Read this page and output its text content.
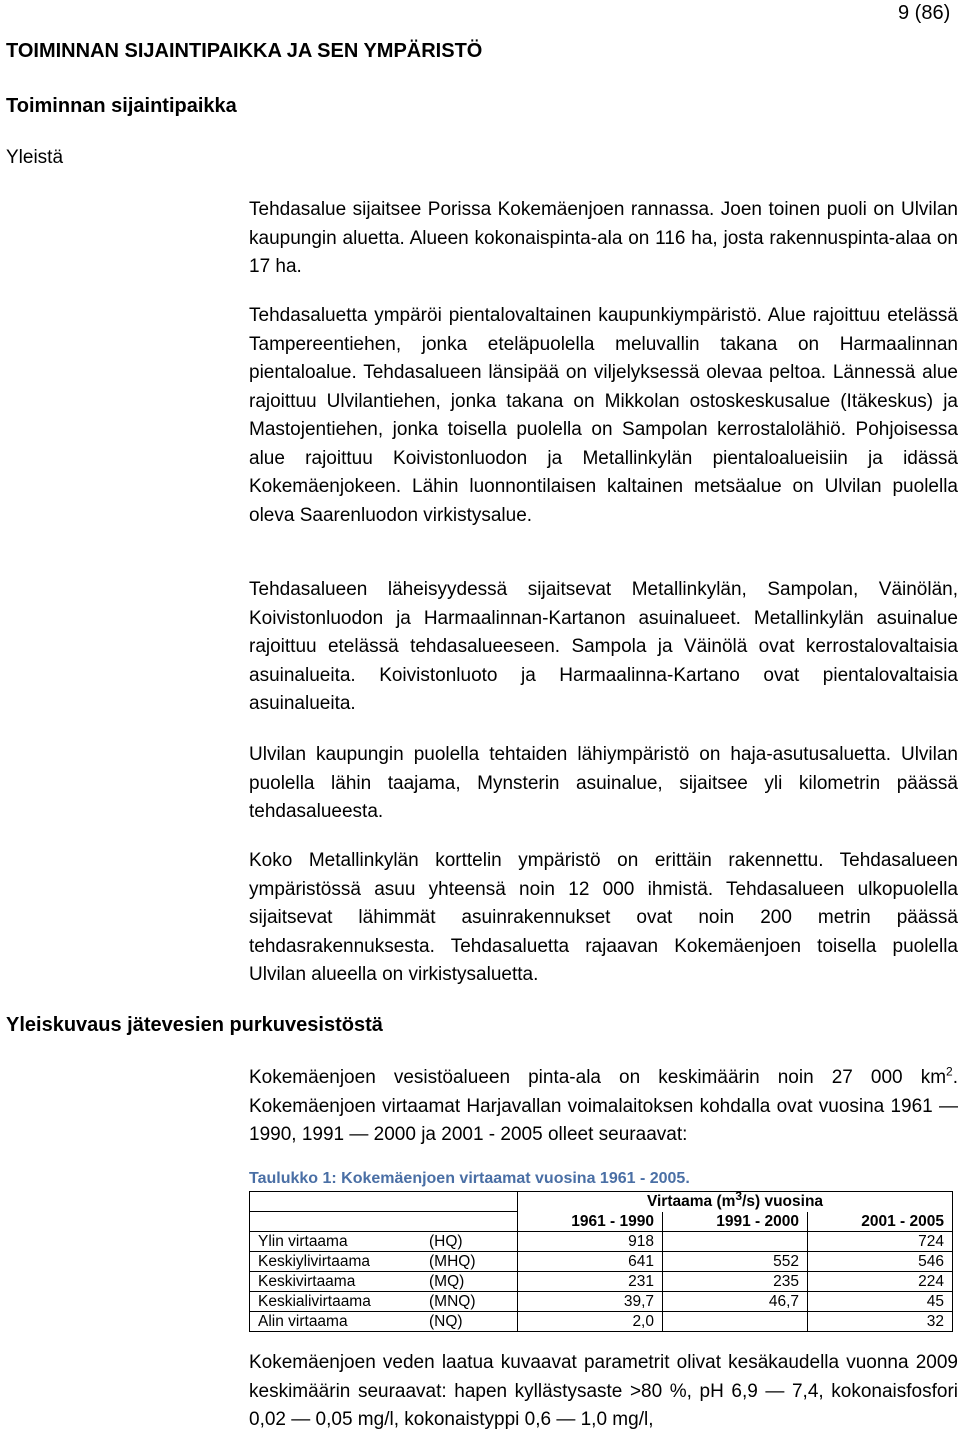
9 (86)
TOIMINNAN SIJAINTIPAIKKA JA SEN YMPÄRISTÖ
Toiminnan sijaintipaikka
Yleistä

Tehdasalue sijaitsee Porissa Kokemäenjoen rannassa. Joen toinen puoli on Ulvilan kaupungin aluetta. Alueen kokonaispinta-ala on 116 ha, josta rakennuspinta-alaa on 17 ha.

Tehdasaluetta ympäröi pientalovaltainen kaupunkiympäristö. Alue rajoittuu etelässä Tampereentiehen, jonka eteläpuolella meluvallin takana on Harmaalinnan pientaloalue. Tehdasalueen länsipää on viljelyksessä olevaa peltoa. Lännessä alue rajoittuu Ulvilantiehen, jonka takana on Mikkolan ostoskeskusalue (Itäkeskus) ja Mastojentiehen, jonka toisella puolella on Sampolan kerrostalolähiö. Pohjoisessa alue rajoittuu Koivistonluodon ja Metallinkylän pientaloalueisiin ja idässä Kokemäenjokeen. Lähin luonnontilaisen kaltainen metsäalue on Ulvilan puolella oleva Saarenluodon virkistysalue.

Tehdasalueen läheisyydessä sijaitsevat Metallinkylän, Sampolan, Väinölän, Koivistonluodon ja Harmaalinnan-Kartanon asuinalueet. Metallinkylän asuinalue rajoittuu etelässä tehdasalueeseen. Sampola ja Väinölä ovat kerrostalovaltaisia asuinalueita. Koivistonluoto ja Harmaalinna-Kartano ovat pientalovaltaisia asuinalueita.

Ulvilan kaupungin puolella tehtaiden lähiympäristö on haja-asutusaluetta. Ulvilan puolella lähin taajama, Mynsterin asuinalue, sijaitsee yli kilometrin päässä tehdasalueesta.

Koko Metallinkylän korttelin ympäristö on erittäin rakennettu. Tehdasalueen ympäristössä asuu yhteensä noin 12 000 ihmistä. Tehdasalueen ulkopuolella sijaitsevat lähimmät asuinrakennukset ovat noin 200 metrin päässä tehdasrakennuksesta. Tehdasaluetta rajaavan Kokemäenjoen toisella puolella Ulvilan alueella on virkistysaluetta.

Yleiskuvaus jätevesien purkuvesistöstä

Kokemäenjoen vesistöalueen pinta-ala on keskimäärin noin 27 000 $km^2$. Kokemäenjoen virtaamat Harjavallan voimalaitoksen kohdalla ovat vuosina 1961 — 1990, 1991 — 2000 ja 2001 - 2005 olleet seuraavat:

Taulukko 1: Kokemäenjoen virtaamat vuosina 1961 - 2005.
		Virtaama $(m^3/s)$ vuosina		
		1961 - 1990	1991 - 2000	2001 - 2005
Ylin virtaama	(HQ)	918		724
Keskiylivirtaama	(MHQ)	641	552	546
Keskivirtaama	(MQ)	231	235	224
Keskialivirtaama	(MNQ)	39,7	46,7	45
Alin virtaama	(NQ)	2,0		32

Kokemäenjoen veden laatua kuvaavat parametrit olivat kesäkaudella vuonna 2009 keskimäärin seuraavat: hapen kyllästysaste >80 %, pH 6,9 — 7,4, kokonaisfosfori 0,02 — 0,05 mg/l, kokonaistyppi 0,6 — 1,0 mg/l,
